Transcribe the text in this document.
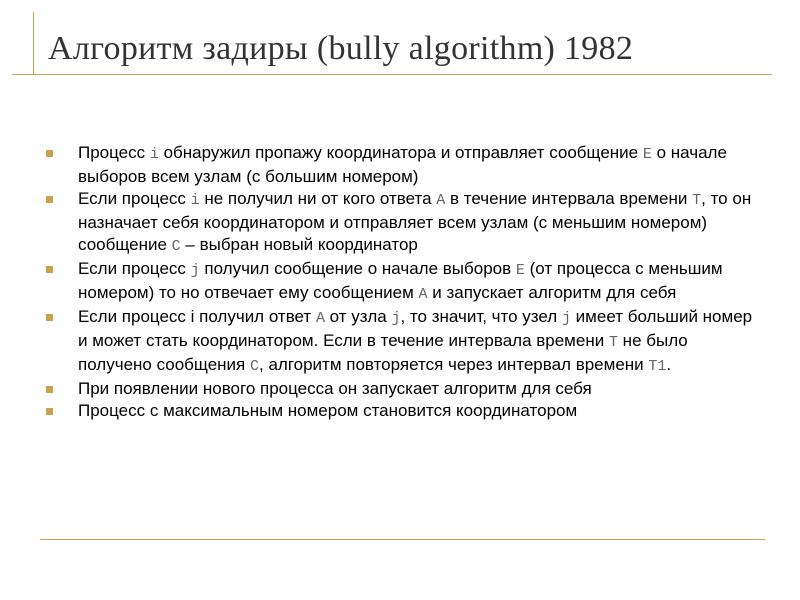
Алгоритм задиры (bully algorithm) 1982
Процесс i обнаружил пропажу координатора и отправляет сообщение E о начале выборов всем узлам (с большим номером)
Если процесс i не получил ни от кого ответа A в течение интервала времени T, то он назначает себя координатором и отправляет всем узлам (с меньшим номером) сообщение C – выбран новый координатор
Если процесс j получил сообщение о начале выборов E (от процесса с меньшим номером) то но отвечает ему сообщением A и запускает алгоритм для себя
Если процесс i получил ответ A от узла j, то значит, что узел j имеет больший номер и может стать координатором. Если в течение интервала времени T не было получено сообщения C, алгоритм повторяется через интервал времени T1.
При появлении нового процесса он запускает алгоритм для себя
Процесс с максимальным номером становится координатором
